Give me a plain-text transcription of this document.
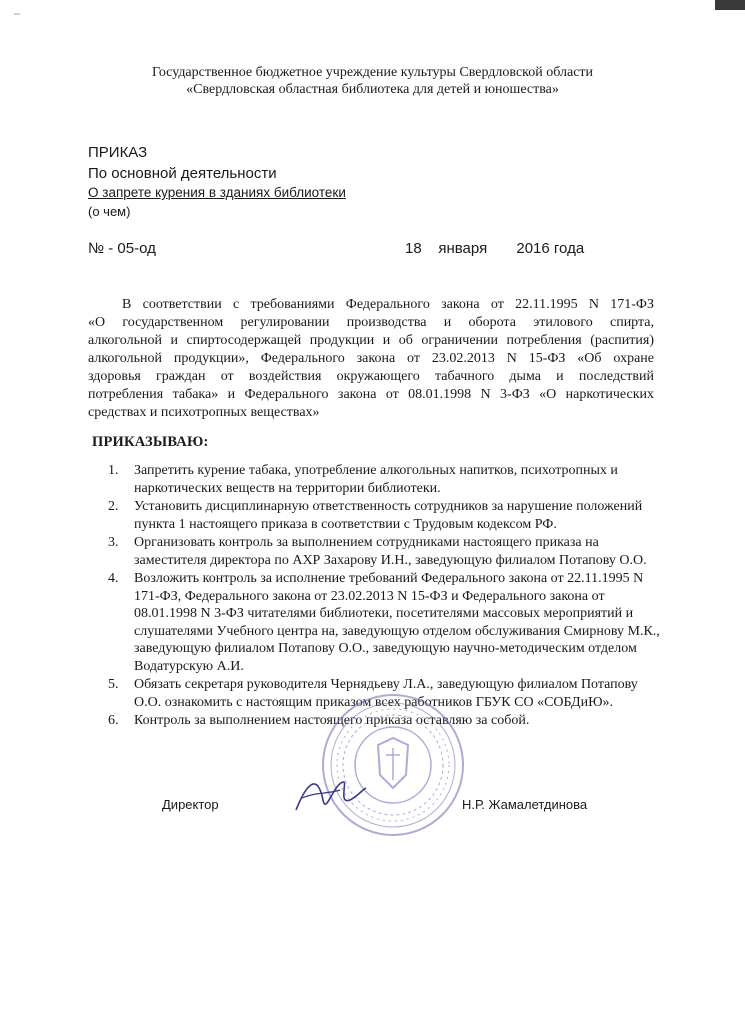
Государственное бюджетное учреждение культуры Свердловской области
«Свердловская областная библиотека для детей и юношества»
ПРИКАЗ
По основной деятельности
О запрете курения в зданиях библиотеки
(о чем)
№ - 05-од	18    января       2016 года
В соответствии с требованиями Федерального закона от 22.11.1995 N 171-ФЗ
«О государственном регулировании производства и оборота этилового спирта,
алкогольной и спиртосодержащей продукции и об ограничении потребления (распития)
алкогольной продукции», Федерального закона от 23.02.2013 N 15-ФЗ «Об охране
здоровья граждан от воздействия окружающего табачного дыма и последствий
потребления табака» и Федерального закона от 08.01.1998 N 3-ФЗ «О наркотических
средствах и психотропных веществах»
ПРИКАЗЫВАЮ:
1. Запретить курение табака, употребление алкогольных напитков, психотропных и наркотических веществ на территории библиотеки.
2. Установить дисциплинарную ответственность сотрудников за нарушение положений пункта 1 настоящего приказа в соответствии с Трудовым кодексом РФ.
3. Организовать контроль за выполнением сотрудниками настоящего приказа на заместителя директора по АХР Захарову И.Н., заведующую филиалом Потапову О.О.
4. Возложить контроль за исполнение требований Федерального закона от 22.11.1995 N 171-ФЗ, Федерального закона от 23.02.2013 N 15-ФЗ и Федерального закона от 08.01.1998 N 3-ФЗ читателями библиотеки, посетителями массовых мероприятий и слушателями Учебного центра на, заведующую отделом обслуживания Смирнову М.К., заведующую филиалом Потапову О.О., заведующую научно-методическим отделом Водатурскую А.И.
5. Обязать секретаря руководителя Чернядьеву Л.А., заведующую филиалом Потапову О.О. ознакомить с настоящим приказом всех работников ГБУК СО «СОБДиЮ».
6. Контроль за выполнением настоящего приказа оставляю за собой.
Директор	Н.Р. Жамалетдинова
